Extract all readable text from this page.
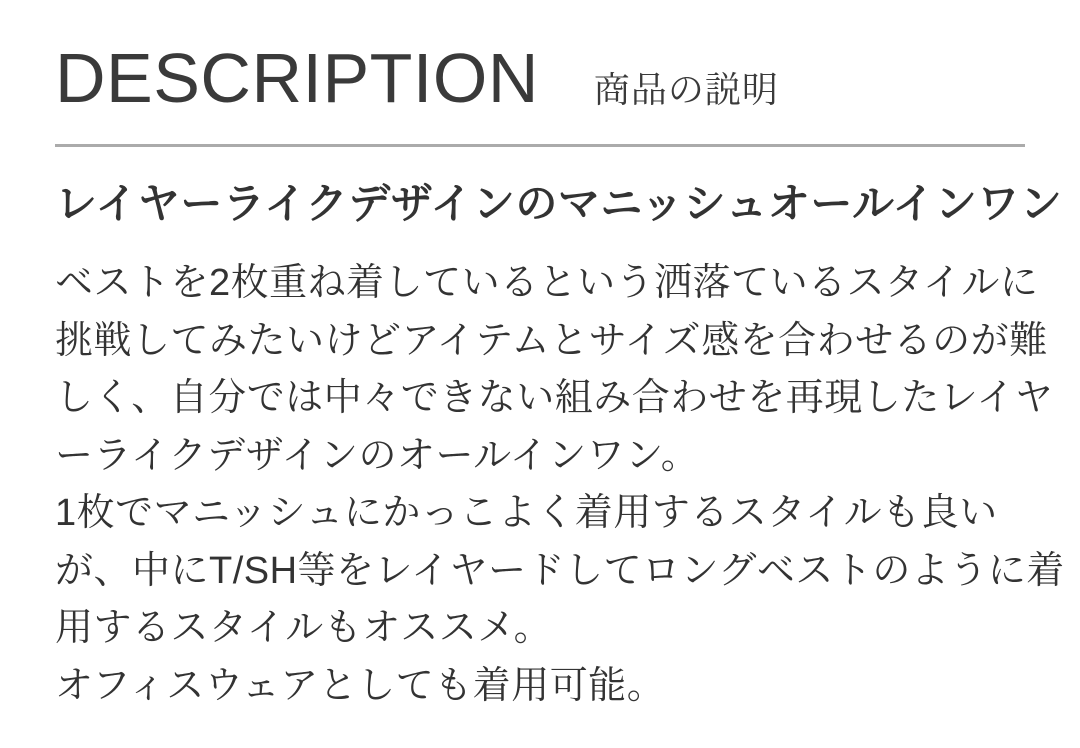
DESCRIPTION 商品の説明
レイヤーライクデザインのマニッシュオールインワン
ベストを2枚重ね着しているという洒落ているスタイルに
挑戦してみたいけどアイテムとサイズ感を合わせるのが難
しく、自分では中々できない組み合わせを再現したレイヤ
ーライクデザインのオールインワン。
1枚でマニッシュにかっこよく着用するスタイルも良い
が、中にT/SH等をレイヤードしてロングベストのように着
用するスタイルもオススメ。
オフィスウェアとしても着用可能。
